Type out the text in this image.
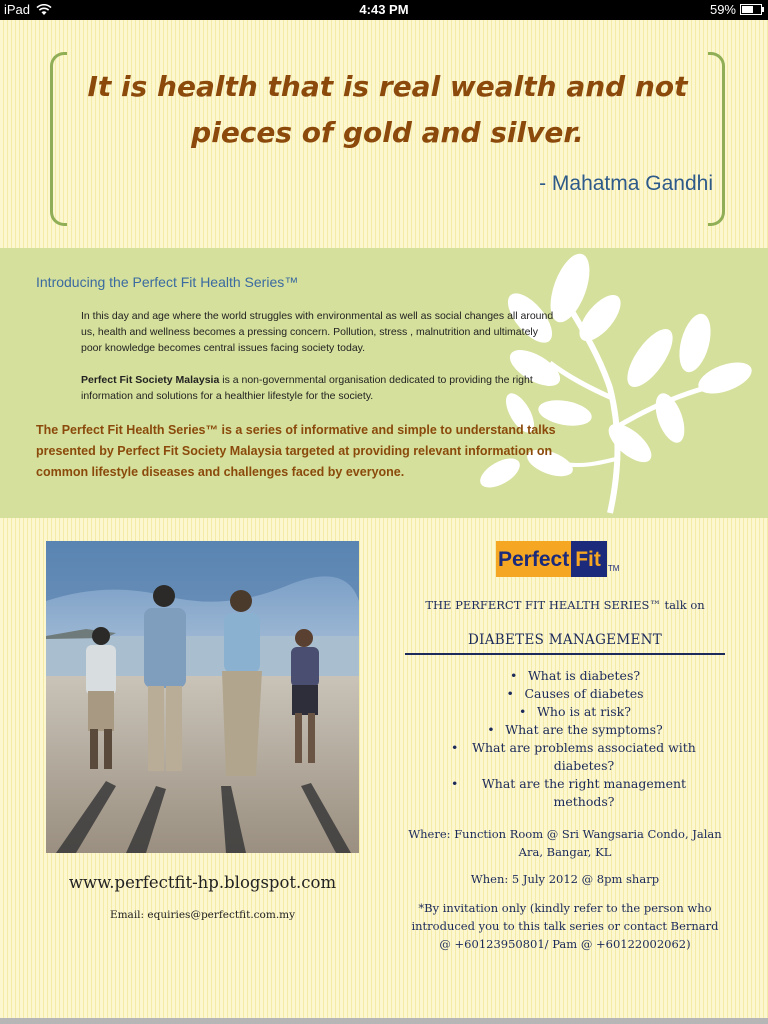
iPad	4:43 PM	59%
It is health that is real wealth and not pieces of gold and silver.
- Mahatma Gandhi
Introducing the Perfect Fit Health Series™
In this day and age where the world struggles with environmental as well as social changes all around us, health and wellness becomes a pressing concern. Pollution, stress , malnutrition and ultimately poor knowledge becomes central issues facing society today.
Perfect Fit Society Malaysia is a non-governmental organisation dedicated to providing the right information and solutions for a healthier lifestyle for the society.
The Perfect Fit Health Series™ is a series of informative and simple to understand talks presented by Perfect Fit Society Malaysia targeted at providing relevant information on common lifestyle diseases and challenges faced by everyone.
www.perfectfit-hp.blogspot.com
Email: equiries@perfectfit.com.my
Perfect Fit TM
THE PERFERCT FIT HEALTH SERIES™ talk on
DIABETES MANAGEMENT
• What is diabetes?
• Causes of diabetes
• Who is at risk?
• What are the symptoms?
•	What are problems associated with diabetes?
•	What are the right management methods?
Where: Function Room @ Sri Wangsaria Condo, Jalan Ara, Bangar, KL
When: 5 July 2012 @ 8pm sharp
*By invitation only (kindly refer to the person who introduced you to this talk series or contact Bernard @ +60123950801/ Pam @ +60122002062)
